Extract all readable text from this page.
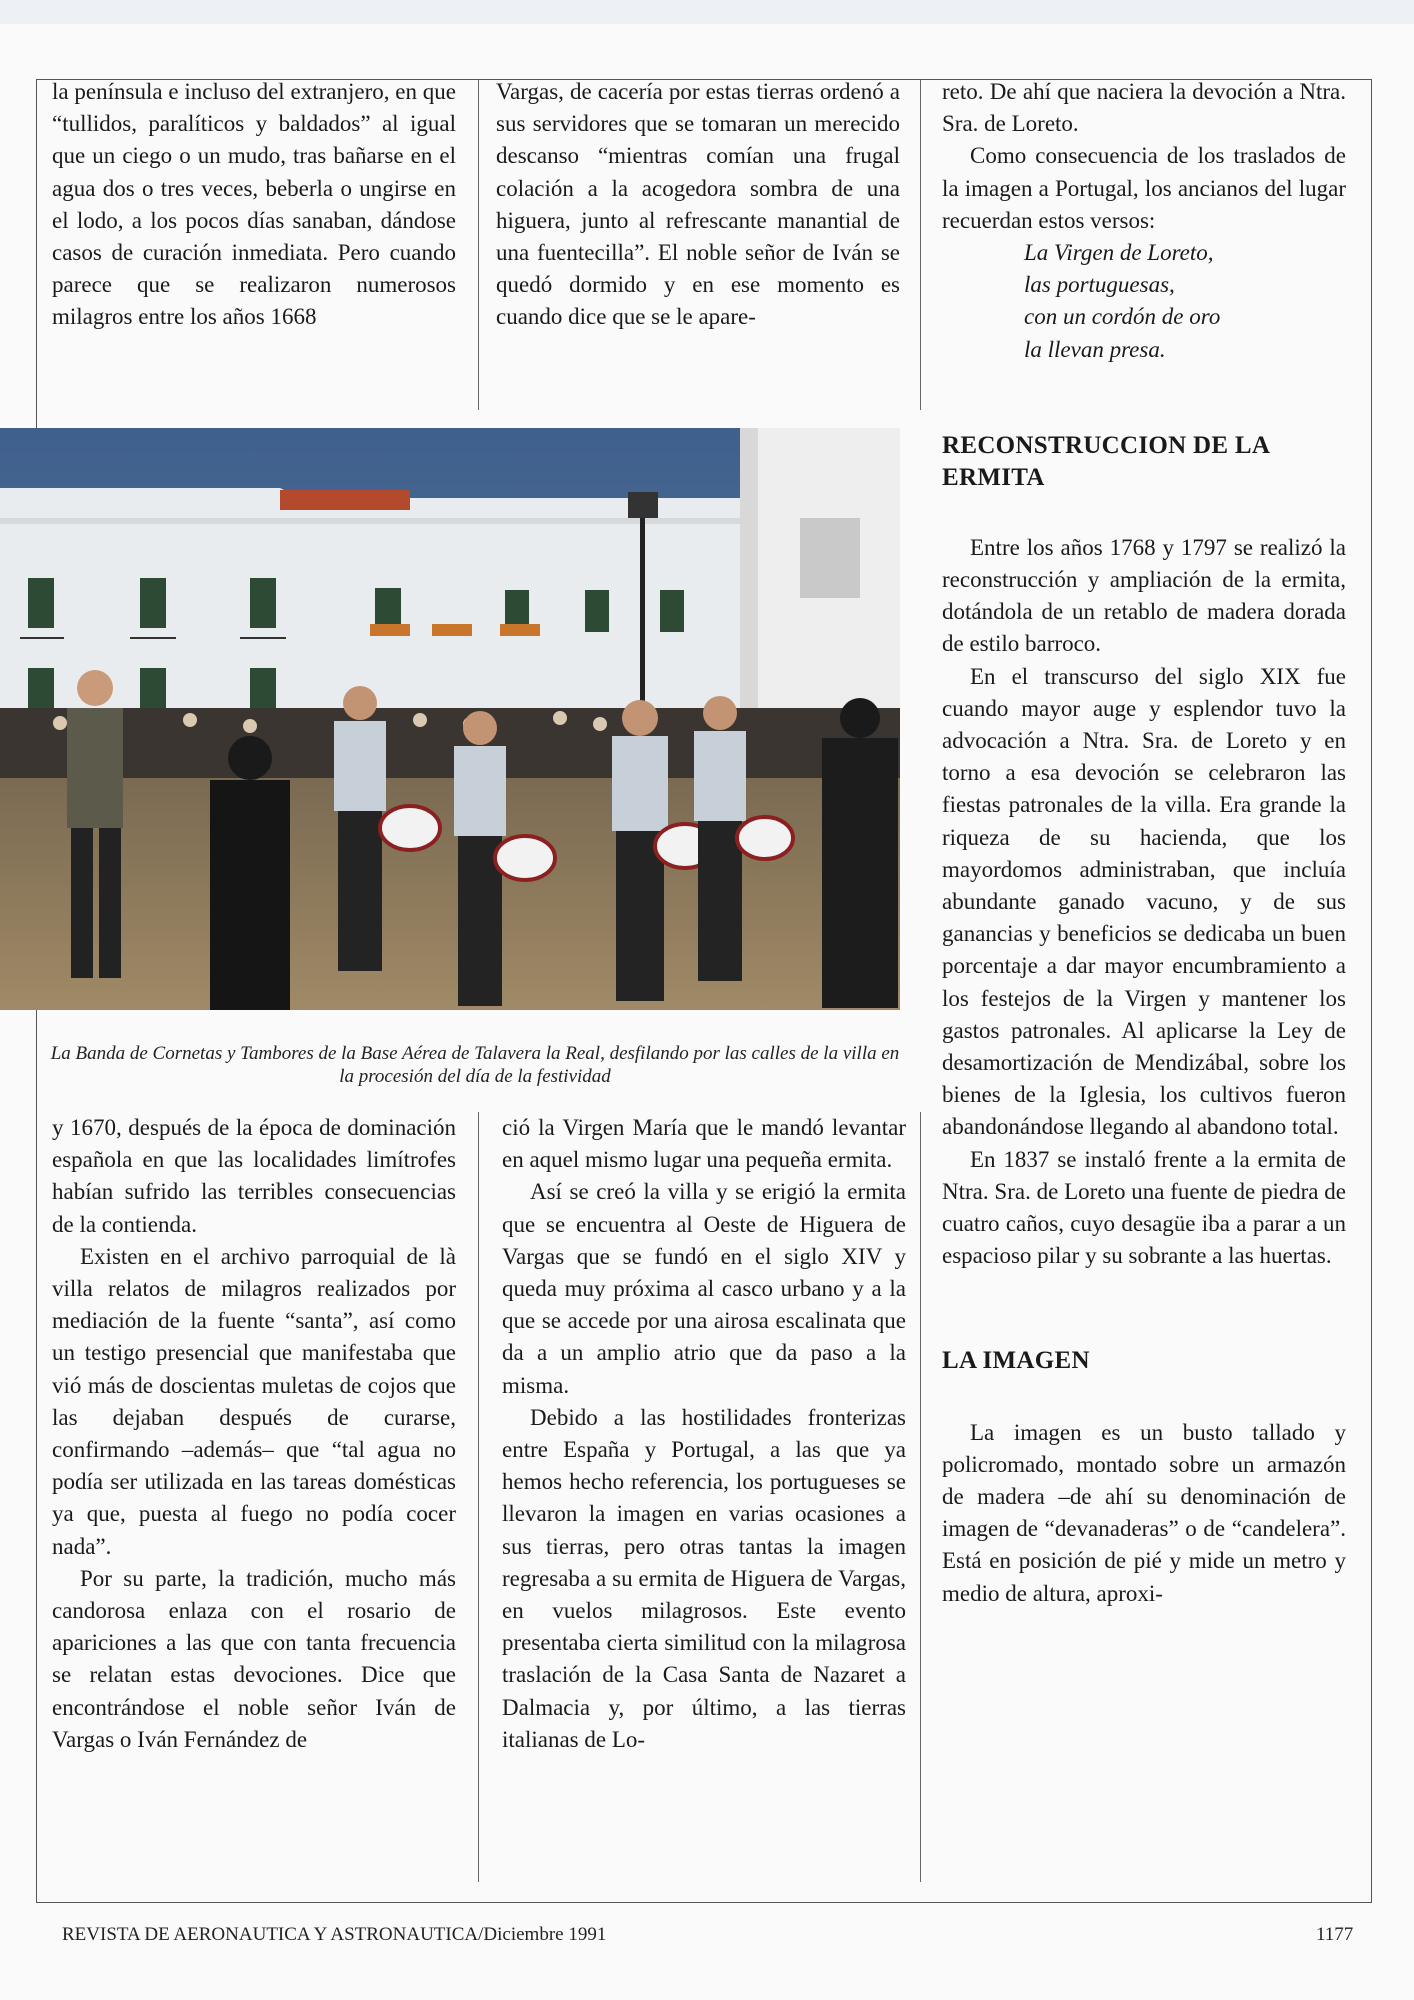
la península e incluso del extranjero, en que “tullidos, paralíticos y baldados” al igual que un ciego o un mudo, tras bañarse en el agua dos o tres veces, beberla o ungirse en el lodo, a los pocos días sanaban, dándose casos de curación inmediata. Pero cuando parece que se realizaron numerosos milagros entre los años 1668

Vargas, de cacería por estas tierras ordenó a sus servidores que se tomaran un merecido descanso “mientras comían una frugal colación a la acogedora sombra de una higuera, junto al refrescante manantial de una fuentecilla”. El noble señor de Iván se quedó dormido y en ese momento es cuando dice que se le apare-

La Banda de Cornetas y Tambores de la Base Aérea de Talavera la Real, desfilando por las calles de la villa en la procesión del día de la festividad

y 1670, después de la época de dominación española en que las localidades limítrofes habían sufrido las terribles consecuencias de la contienda.

Existen en el archivo parroquial de là villa relatos de milagros realizados por mediación de la fuente “santa”, así como un testigo presencial que manifestaba que vió más de doscientas muletas de cojos que las dejaban después de curarse, confirmando –además– que “tal agua no podía ser utilizada en las tareas domésticas ya que, puesta al fuego no podía cocer nada”.

Por su parte, la tradición, mucho más candorosa enlaza con el rosario de apariciones a las que con tanta frecuencia se relatan estas devociones. Dice que encontrándose el noble señor Iván de Vargas o Iván Fernández de

ció la Virgen María que le mandó levantar en aquel mismo lugar una pequeña ermita.

Así se creó la villa y se erigió la ermita que se encuentra al Oeste de Higuera de Vargas que se fundó en el siglo XIV y queda muy próxima al casco urbano y a la que se accede por una airosa escalinata que da a un amplio atrio que da paso a la misma.

Debido a las hostilidades fronterizas entre España y Portugal, a las que ya hemos hecho referencia, los portugueses se llevaron la imagen en varias ocasiones a sus tierras, pero otras tantas la imagen regresaba a su ermita de Higuera de Vargas, en vuelos milagrosos. Este evento presentaba cierta similitud con la milagrosa traslación de la Casa Santa de Nazaret a Dalmacia y, por último, a las tierras italianas de Lo-

reto. De ahí que naciera la devoción a Ntra. Sra. de Loreto.

Como consecuencia de los traslados de la imagen a Portugal, los ancianos del lugar recuerdan estos versos:

La Virgen de Loreto,
las portuguesas,
con un cordón de oro
la llevan presa.
RECONSTRUCCION DE LA ERMITA

Entre los años 1768 y 1797 se realizó la reconstrucción y ampliación de la ermita, dotándola de un retablo de madera dorada de estilo barroco.

En el transcurso del siglo XIX fue cuando mayor auge y esplendor tuvo la advocación a Ntra. Sra. de Loreto y en torno a esa devoción se celebraron las fiestas patronales de la villa. Era grande la riqueza de su hacienda, que los mayordomos administraban, que incluía abundante ganado vacuno, y de sus ganancias y beneficios se dedicaba un buen porcentaje a dar mayor encumbramiento a los festejos de la Virgen y mantener los gastos patronales. Al aplicarse la Ley de desamortización de Mendizábal, sobre los bienes de la Iglesia, los cultivos fueron abandonándose llegando al abandono total.

En 1837 se instaló frente a la ermita de Ntra. Sra. de Loreto una fuente de piedra de cuatro caños, cuyo desagüe iba a parar a un espacioso pilar y su sobrante a las huertas.

LA IMAGEN

La imagen es un busto tallado y policromado, montado sobre un armazón de madera –de ahí su denominación de imagen de “devanaderas” o de “candelera”. Está en posición de pié y mide un metro y medio de altura, aproxi-

REVISTA DE AERONAUTICA Y ASTRONAUTICA/Diciembre 1991	1177
